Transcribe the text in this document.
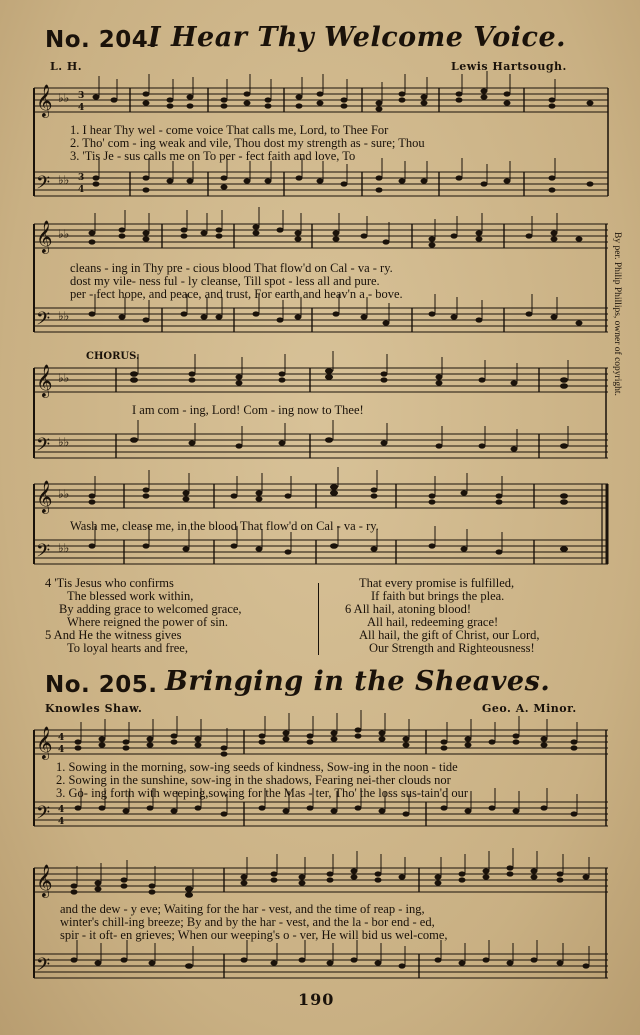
No. 204.
I Hear Thy Welcome Voice.
L. H.	Lewis Hartsough.
𝄞
𝄢
♭♭
♭♭
3
4
3
4
1. I hear Thy wel - come voice That calls me, Lord, to Thee For
2. Tho' com - ing weak and vile, Thou dost my strength as - sure; Thou
3. 'Tis Je - sus calls me on To per - fect faith and love, To
𝄞
𝄢
♭♭
♭♭
cleans - ing in Thy pre - cious blood That flow'd on Cal - va - ry.
dost my vile- ness ful - ly cleanse, Till spot - less all and pure.
per - fect hope, and peace, and trust, For earth and heav'n a - bove.
CHORUS.
𝄞
𝄢
♭♭
♭♭
I am com - ing, Lord! Com - ing now to Thee!
𝄞
𝄢
♭♭
♭♭
Wash me, clease me, in the blood That flow'd on Cal - va - ry.
By per. Philip Phillips, owner of copyright.
4 'Tis Jesus who confirms
The blessed work within,
By adding grace to welcomed grace,
Where reigned the power of sin.
5 And He the witness gives
To loyal hearts and free,
That every promise is fulfilled,
If faith but brings the plea.
6 All hail, atoning blood!
All hail, redeeming grace!
All hail, the gift of Christ, our Lord,
Our Strength and Righteousness!
No. 205. Bringing in the Sheaves.
Knowles Shaw.	Geo. A. Minor.
𝄞
𝄢
4
4
4
4
1. Sowing in the morning, sow-ing seeds of kindness, Sow-ing in the noon - tide
2. Sowing in the sunshine, sow-ing in the shadows, Fearing nei-ther clouds nor
3. Go- ing forth with weeping,sowing for the Mas - ter, Tho' the loss sus-tain'd our
𝄞
𝄢
and the dew - y eve; Waiting for the har - vest, and the time of reap - ing,
winter's chill-ing breeze; By and by the har - vest, and the la - bor end - ed,
spir - it oft- en grieves; When our weeping's o - ver, He will bid us wel-come,
190
